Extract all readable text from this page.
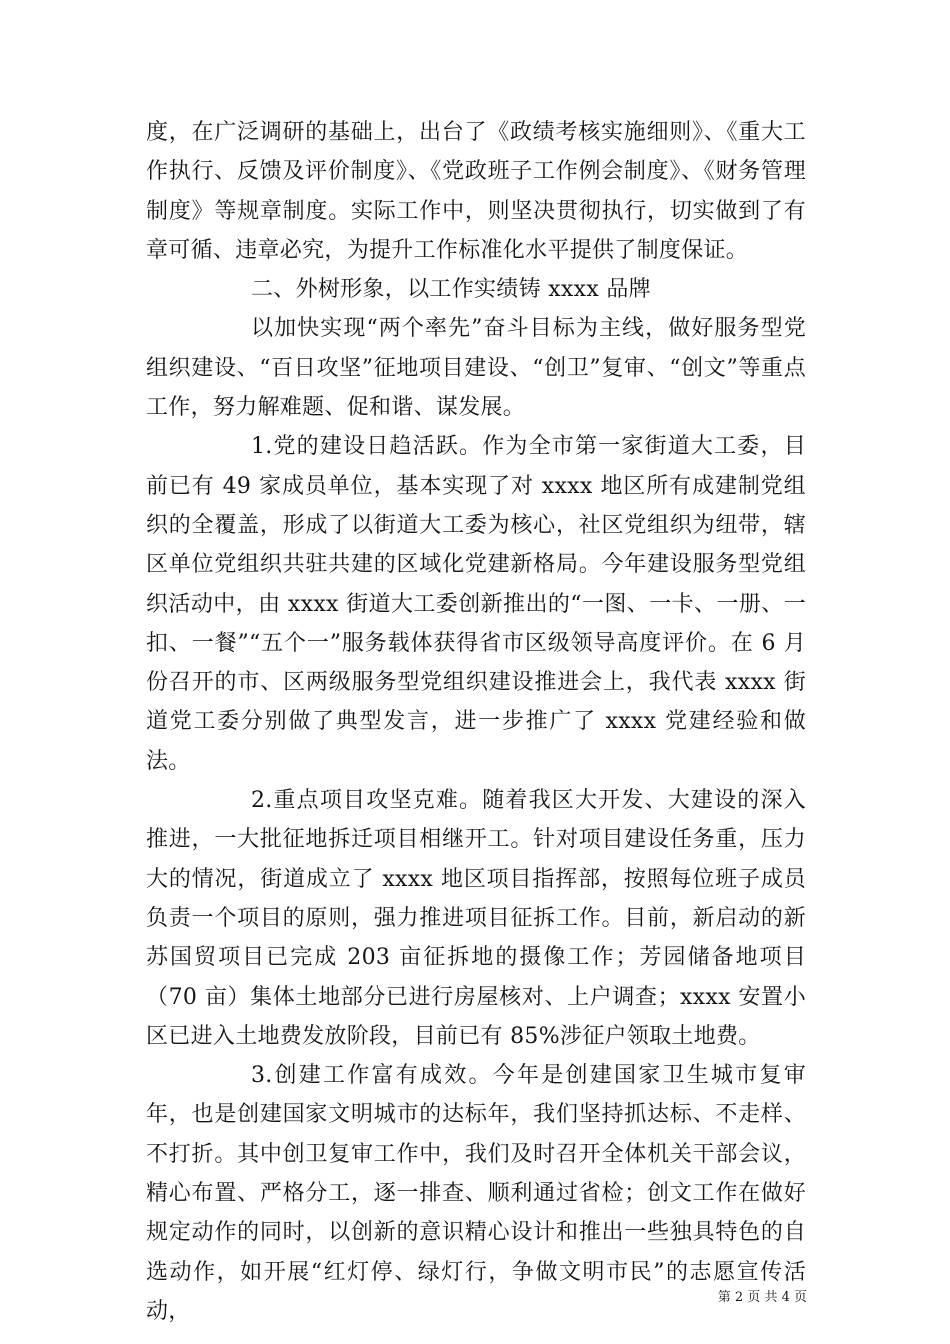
度，在广泛调研的基础上，出台了《政绩考核实施细则》、《重大工作执行、反馈及评价制度》、《党政班子工作例会制度》、《财务管理制度》等规章制度。实际工作中，则坚决贯彻执行，切实做到了有章可循、违章必究，为提升工作标准化水平提供了制度保证。

二、外树形象，以工作实绩铸 xxxx 品牌

以加快实现“两个率先”奋斗目标为主线，做好服务型党组织建设、“百日攻坚”征地项目建设、“创卫”复审、“创文”等重点工作，努力解难题、促和谐、谋发展。

1.党的建设日趋活跃。作为全市第一家街道大工委，目前已有 49 家成员单位，基本实现了对 xxxx 地区所有成建制党组织的全覆盖，形成了以街道大工委为核心，社区党组织为纽带，辖区单位党组织共驻共建的区域化党建新格局。今年建设服务型党组织活动中，由 xxxx 街道大工委创新推出的“一图、一卡、一册、一扣、一餐”“五个一”服务载体获得省市区级领导高度评价。在 6 月份召开的市、区两级服务型党组织建设推进会上，我代表 xxxx 街道党工委分别做了典型发言，进一步推广了 xxxx 党建经验和做法。

2.重点项目攻坚克难。随着我区大开发、大建设的深入推进，一大批征地拆迁项目相继开工。针对项目建设任务重，压力大的情况，街道成立了 xxxx 地区项目指挥部，按照每位班子成员负责一个项目的原则，强力推进项目征拆工作。目前，新启动的新苏国贸项目已完成 203 亩征拆地的摄像工作；芳园储备地项目（70 亩）集体土地部分已进行房屋核对、上户调查；xxxx 安置小区已进入土地费发放阶段，目前已有 85%涉征户领取土地费。

3.创建工作富有成效。今年是创建国家卫生城市复审年，也是创建国家文明城市的达标年，我们坚持抓达标、不走样、不打折。其中创卫复审工作中，我们及时召开全体机关干部会议，精心布置、严格分工，逐一排查、顺利通过省检；创文工作在做好规定动作的同时，以创新的意识精心设计和推出一些独具特色的自选动作，如开展“红灯停、绿灯行，争做文明市民”的志愿宣传活动，

第 2 页 共 4 页
